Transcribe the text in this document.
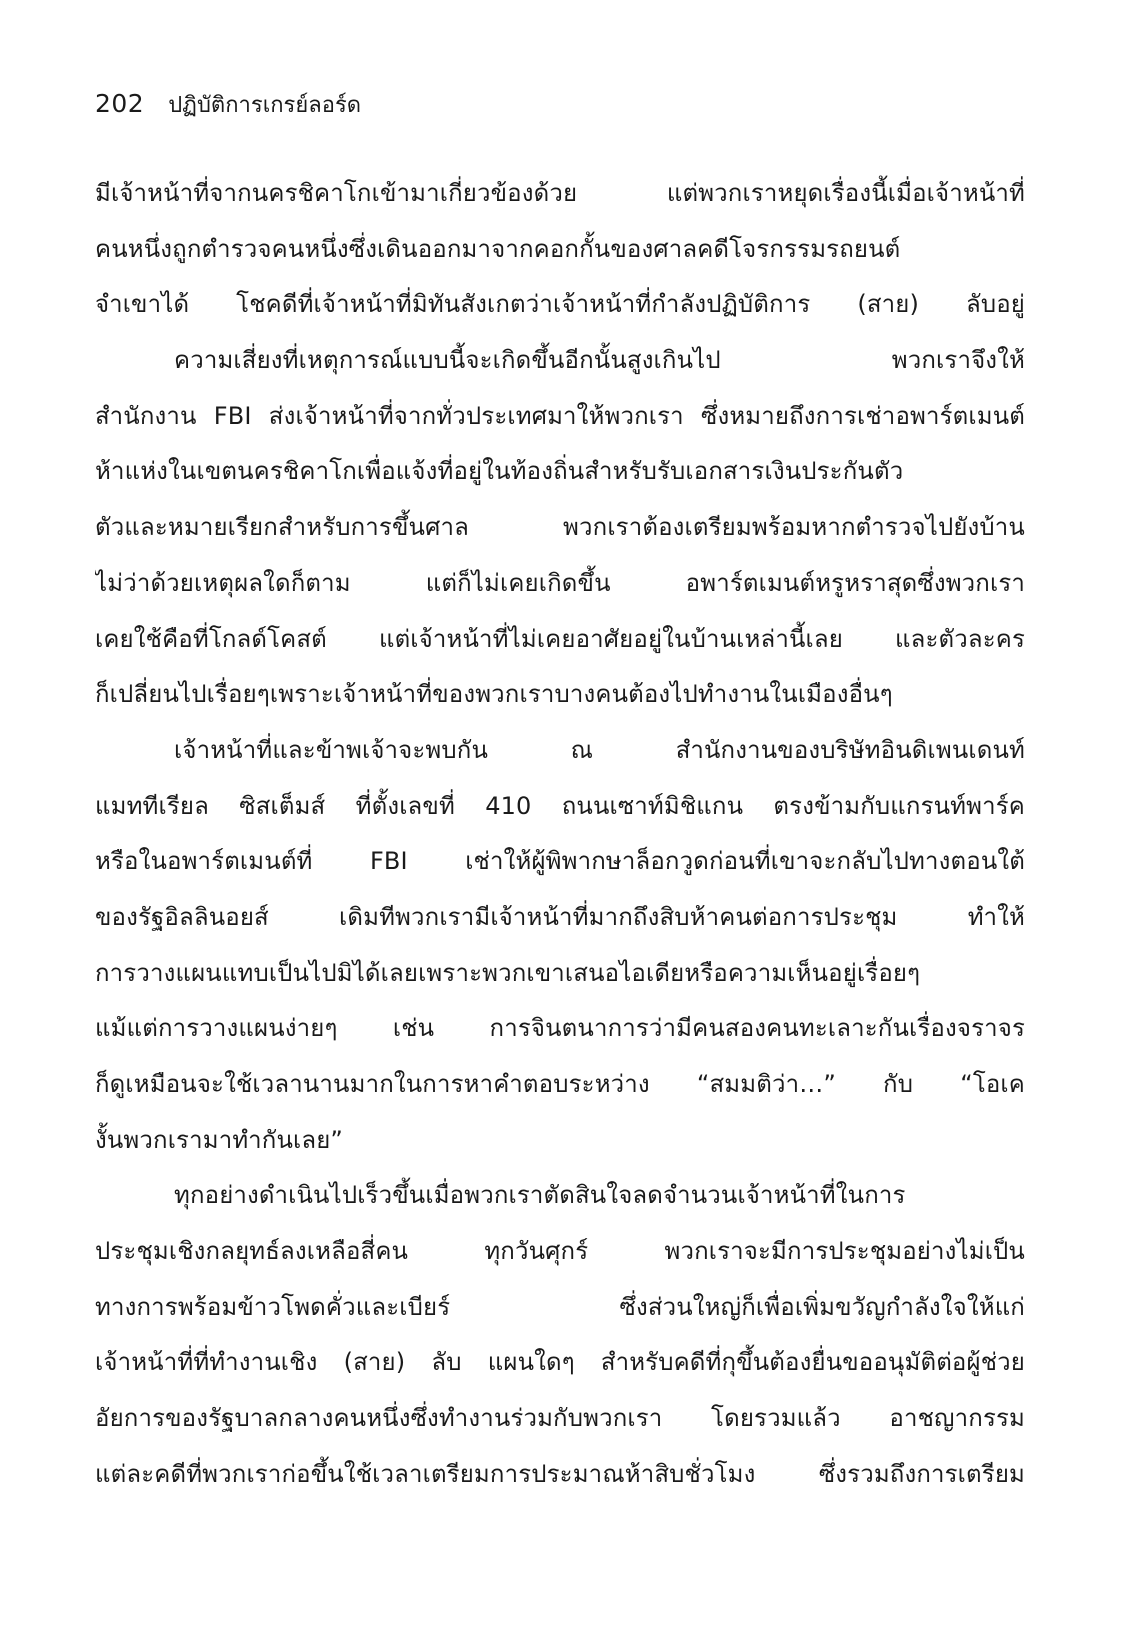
202 ปฏิบัติการเกรย์ลอร์ด
มีเจ้าหน้าที่จากนครชิคาโกเข้ามาเกี่ยวข้องด้วย แต่พวกเราหยุดเรื่องนี้เมื่อเจ้าหน้าที่
คนหนึ่งถูกตำรวจคนหนึ่งซึ่งเดินออกมาจากคอกกั้นของศาลคดีโจรกรรมรถยนต์
จำเขาได้ โชคดีที่เจ้าหน้าที่มิทันสังเกตว่าเจ้าหน้าที่กำลังปฏิบัติการ (สาย) ลับอยู่
ความเสี่ยงที่เหตุการณ์แบบนี้จะเกิดขึ้นอีกนั้นสูงเกินไป พวกเราจึงให้
สำนักงาน FBI ส่งเจ้าหน้าที่จากทั่วประเทศมาให้พวกเรา ซึ่งหมายถึงการเช่าอพาร์ตเมนต์
ห้าแห่งในเขตนครชิคาโกเพื่อแจ้งที่อยู่ในท้องถิ่นสำหรับรับเอกสารเงินประกันตัว
ตัวและหมายเรียกสำหรับการขึ้นศาล พวกเราต้องเตรียมพร้อมหากตำรวจไปยังบ้าน
ไม่ว่าด้วยเหตุผลใดก็ตาม แต่ก็ไม่เคยเกิดขึ้น อพาร์ตเมนต์หรูหราสุดซึ่งพวกเรา
เคยใช้คือที่โกลด์โคสต์ แต่เจ้าหน้าที่ไม่เคยอาศัยอยู่ในบ้านเหล่านี้เลย และตัวละคร
ก็เปลี่ยนไปเรื่อยๆเพราะเจ้าหน้าที่ของพวกเราบางคนต้องไปทำงานในเมืองอื่นๆ
เจ้าหน้าที่และข้าพเจ้าจะพบกัน ณ สำนักงานของบริษัทอินดิเพนเดนท์
แมททีเรียล ซิสเต็มส์ ที่ตั้งเลขที่ 410 ถนนเซาท์มิชิแกน ตรงข้ามกับแกรนท์พาร์ค
หรือในอพาร์ตเมนต์ที่ FBI เช่าให้ผู้พิพากษาล็อกวูดก่อนที่เขาจะกลับไปทางตอนใต้
ของรัฐอิลลินอยส์ เดิมทีพวกเรามีเจ้าหน้าที่มากถึงสิบห้าคนต่อการประชุม ทำให้
การวางแผนแทบเป็นไปมิได้เลยเพราะพวกเขาเสนอไอเดียหรือความเห็นอยู่เรื่อยๆ
แม้แต่การวางแผนง่ายๆ เช่น การจินตนาการว่ามีคนสองคนทะเลาะกันเรื่องจราจร
ก็ดูเหมือนจะใช้เวลานานมากในการหาคำตอบระหว่าง “สมมติว่า…” กับ “โอเค
งั้นพวกเรามาทำกันเลย”
ทุกอย่างดำเนินไปเร็วขึ้นเมื่อพวกเราตัดสินใจลดจำนวนเจ้าหน้าที่ในการ
ประชุมเชิงกลยุทธ์ลงเหลือสี่คน ทุกวันศุกร์ พวกเราจะมีการประชุมอย่างไม่เป็น
ทางการพร้อมข้าวโพดคั่วและเบียร์ ซึ่งส่วนใหญ่ก็เพื่อเพิ่มขวัญกำลังใจให้แก่
เจ้าหน้าที่ที่ทำงานเชิง (สาย) ลับ แผนใดๆ สำหรับคดีที่กุขึ้นต้องยื่นขออนุมัติต่อผู้ช่วย
อัยการของรัฐบาลกลางคนหนึ่งซึ่งทำงานร่วมกับพวกเรา โดยรวมแล้ว อาชญากรรม
แต่ละคดีที่พวกเราก่อขึ้นใช้เวลาเตรียมการประมาณห้าสิบชั่วโมง ซึ่งรวมถึงการเตรียม
